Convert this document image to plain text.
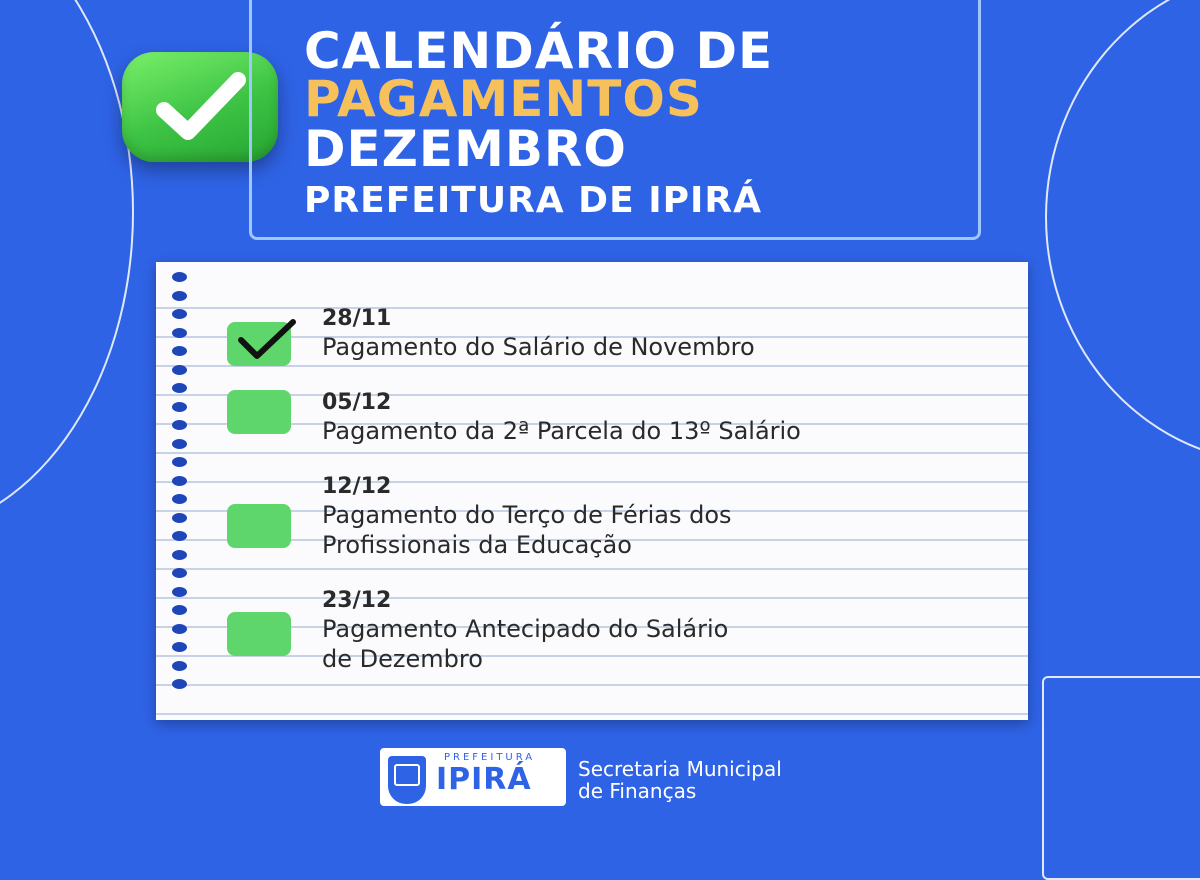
CALENDÁRIO DE
PAGAMENTOS
DEZEMBRO
PREFEITURA DE IPIRÁ
28/11
Pagamento do Salário de Novembro
05/12
Pagamento da 2ª Parcela do 13º Salário
12/12
Pagamento do Terço de Férias dos
Profissionais da Educação
23/12
Pagamento Antecipado do Salário
de Dezembro
PREFEITURA
IPIRÁ Secretaria Municipal
de Finanças
